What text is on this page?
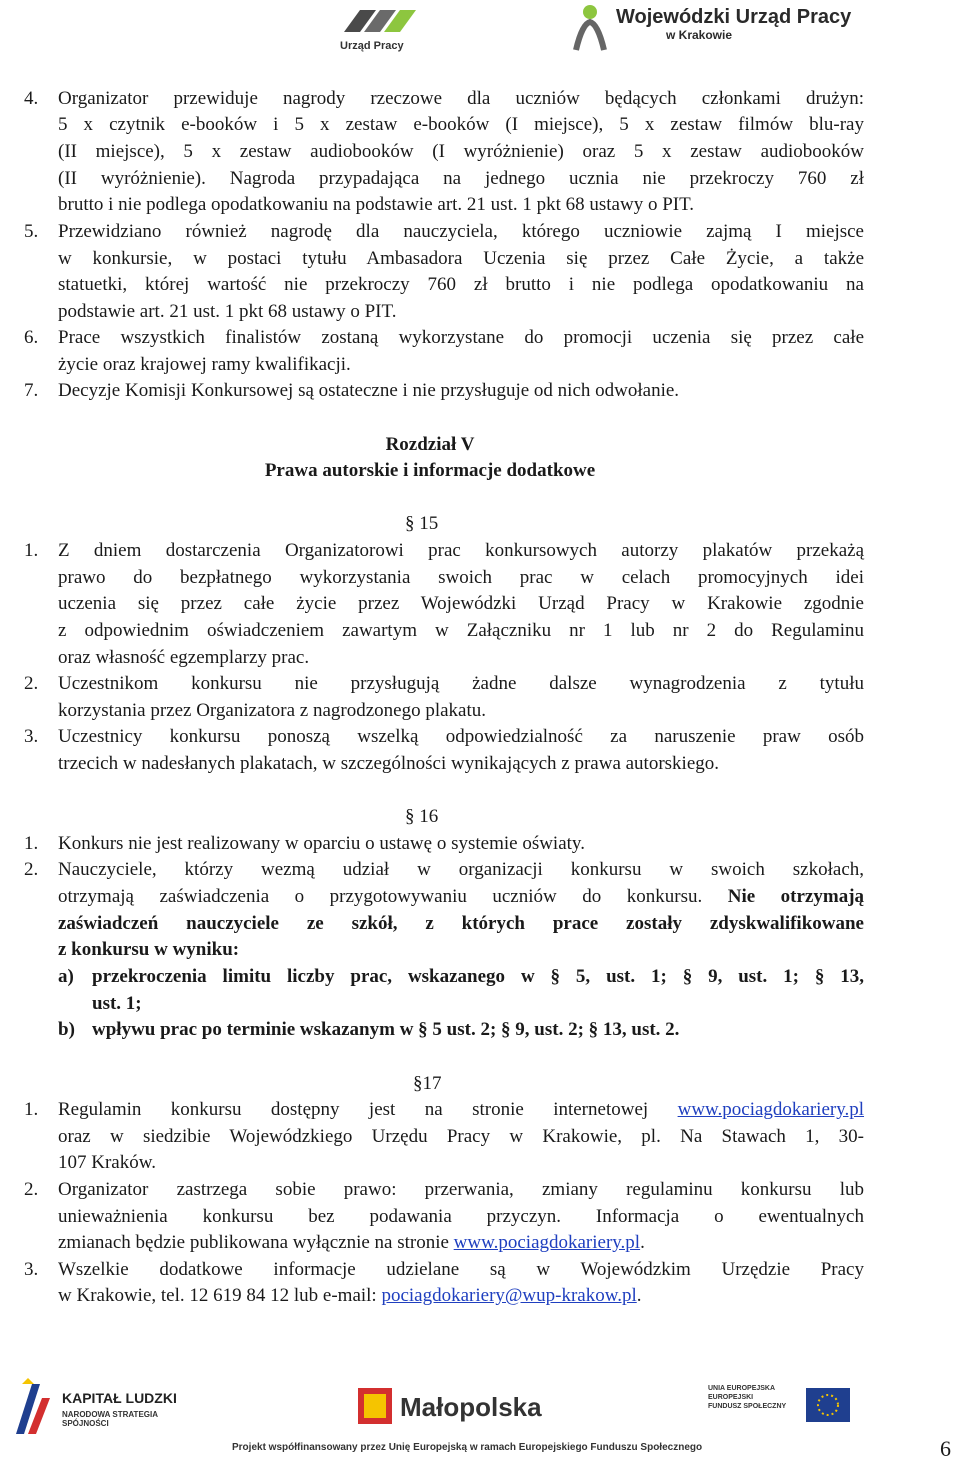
Urząd Pracy
Wojewódzki Urząd Pracy
w Krakowie
4. Organizator przewiduje nagrody rzeczowe dla uczniów będących członkami drużyn:
5 x czytnik e-booków i 5 x zestaw e-booków (I miejsce), 5 x zestaw filmów blu-ray
(II miejsce), 5 x zestaw audiobooków (I wyróżnienie) oraz 5 x zestaw audiobooków
(II wyróżnienie). Nagroda przypadająca na jednego ucznia nie przekroczy 760 zł
brutto i nie podlega opodatkowaniu na podstawie art. 21 ust. 1 pkt 68 ustawy o PIT.
5. Przewidziano również nagrodę dla nauczyciela, którego uczniowie zajmą I miejsce
w konkursie, w postaci tytułu Ambasadora Uczenia się przez Całe Życie, a także
statuetki, której wartość nie przekroczy 760 zł brutto i nie podlega opodatkowaniu na
podstawie art. 21 ust. 1 pkt 68 ustawy o PIT.
6. Prace wszystkich finalistów zostaną wykorzystane do promocji uczenia się przez całe
życie oraz krajowej ramy kwalifikacji.
7. Decyzje Komisji Konkursowej są ostateczne i nie przysługuje od nich odwołanie.
Rozdział V
Prawa autorskie i informacje dodatkowe
§ 15
1. Z dniem dostarczenia Organizatorowi prac konkursowych autorzy plakatów przekażą
prawo do bezpłatnego wykorzystania swoich prac w celach promocyjnych idei
uczenia się przez całe życie przez Wojewódzki Urząd Pracy w Krakowie zgodnie
z odpowiednim oświadczeniem zawartym w Załączniku nr 1 lub nr 2 do Regulaminu
oraz własność egzemplarzy prac.
2. Uczestnikom konkursu nie przysługują żadne dalsze wynagrodzenia z tytułu
korzystania przez Organizatora z nagrodzonego plakatu.
3. Uczestnicy konkursu ponoszą wszelką odpowiedzialność za naruszenie praw osób
trzecich w nadesłanych plakatach, w szczególności wynikających z prawa autorskiego.
§ 16
1. Konkurs nie jest realizowany w oparciu o ustawę o systemie oświaty.
2. Nauczyciele, którzy wezmą udział w organizacji konkursu w swoich szkołach,
otrzymają zaświadczenia o przygotowywaniu uczniów do konkursu. Nie otrzymają
zaświadczeń nauczyciele ze szkół, z których prace zostały zdyskwalifikowane
z konkursu w wyniku:
a) przekroczenia limitu liczby prac, wskazanego w § 5, ust. 1; § 9, ust. 1; § 13,
ust. 1;
b) wpływu prac po terminie wskazanym w § 5 ust. 2; § 9, ust. 2; § 13, ust. 2.
§17
1. Regulamin konkursu dostępny jest na stronie internetowej www.pociagdokariery.pl
oraz w siedzibie Wojewódzkiego Urzędu Pracy w Krakowie, pl. Na Stawach 1, 30-
107 Kraków.
2. Organizator zastrzega sobie prawo: przerwania, zmiany regulaminu konkursu lub
unieważnienia konkursu bez podawania przyczyn. Informacja o ewentualnych
zmianach będzie publikowana wyłącznie na stronie www.pociagdokariery.pl.
3. Wszelkie dodatkowe informacje udzielane są w Wojewódzkim Urzędzie Pracy
w Krakowie, tel. 12 619 84 12 lub e-mail: pociagdokariery@wup-krakow.pl.
KAPITAŁ LUDZKI
NARODOWA STRATEGIA SPÓJNOŚCI
Małopolska
UNIA EUROPEJSKA
EUROPEJSKI
FUNDUSZ SPOŁECZNY
Projekt współfinansowany przez Unię Europejską w ramach Europejskiego Funduszu Społecznego	6
